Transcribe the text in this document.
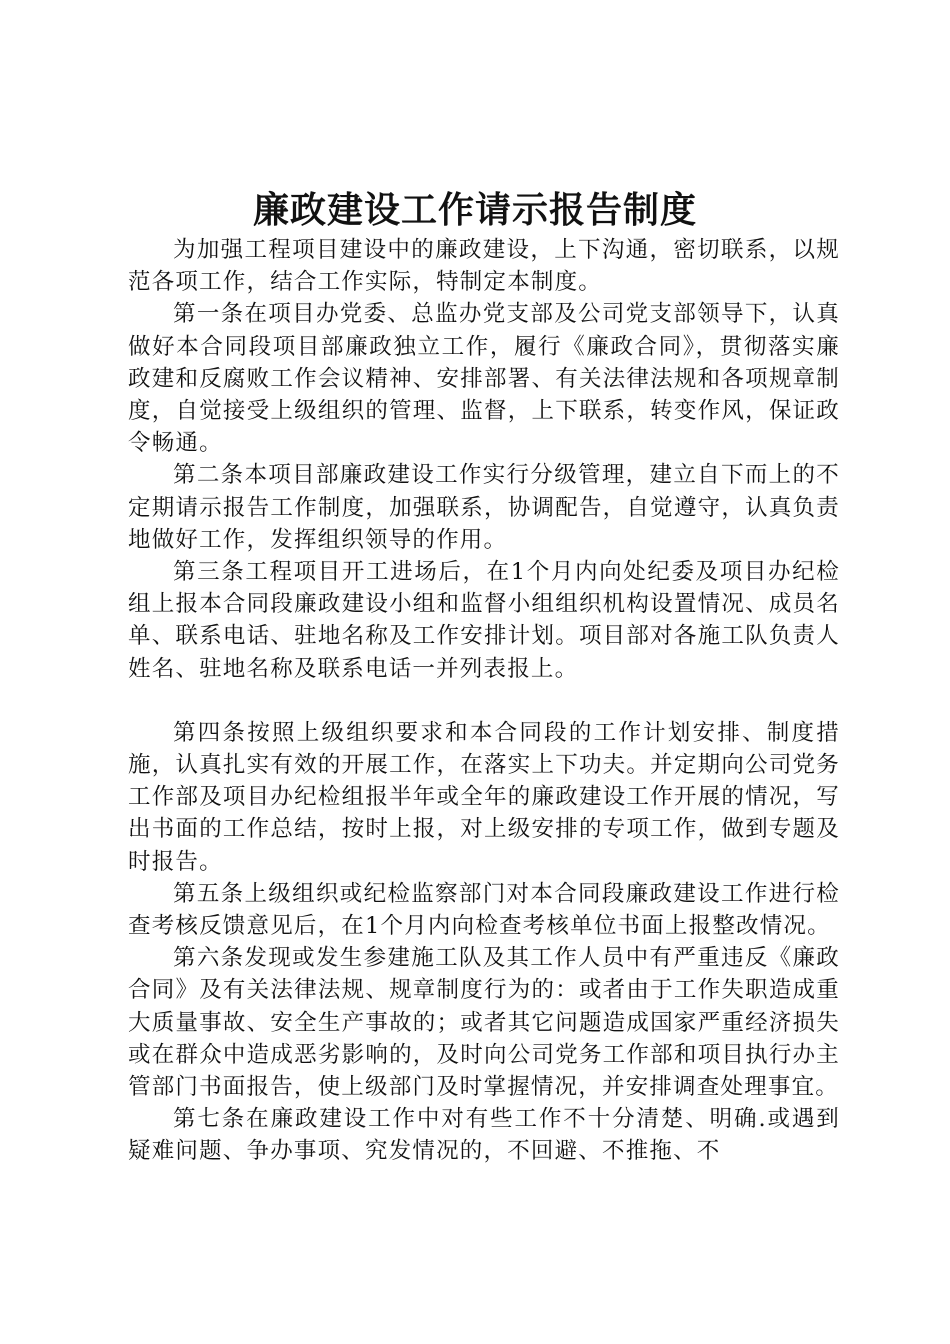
廉政建设工作请示报告制度

为加强工程项目建设中的廉政建设，上下沟通，密切联系，以规范各项工作，结合工作实际，特制定本制度。

第一条在项目办党委、总监办党支部及公司党支部领导下，认真做好本合同段项目部廉政独立工作，履行《廉政合同》，贯彻落实廉政建和反腐败工作会议精神、安排部署、有关法律法规和各项规章制度，自觉接受上级组织的管理、监督，上下联系，转变作风，保证政令畅通。

第二条本项目部廉政建设工作实行分级管理，建立自下而上的不定期请示报告工作制度，加强联系，协调配告，自觉遵守，认真负责地做好工作，发挥组织领导的作用。

第三条工程项目开工进场后，在1个月内向处纪委及项目办纪检组上报本合同段廉政建设小组和监督小组组织机构设置情况、成员名单、联系电话、驻地名称及工作安排计划。项目部对各施工队负责人姓名、驻地名称及联系电话一并列表报上。

第四条按照上级组织要求和本合同段的工作计划安排、制度措施，认真扎实有效的开展工作，在落实上下功夫。并定期向公司党务工作部及项目办纪检组报半年或全年的廉政建设工作开展的情况，写出书面的工作总结，按时上报，对上级安排的专项工作，做到专题及时报告。

第五条上级组织或纪检监察部门对本合同段廉政建设工作进行检查考核反馈意见后，在1个月内向检查考核单位书面上报整改情况。

第六条发现或发生参建施工队及其工作人员中有严重违反《廉政合同》及有关法律法规、规章制度行为的：或者由于工作失职造成重大质量事故、安全生产事故的；或者其它问题造成国家严重经济损失或在群众中造成恶劣影响的，及时向公司党务工作部和项目执行办主管部门书面报告，使上级部门及时掌握情况，并安排调查处理事宜。

第七条在廉政建设工作中对有些工作不十分清楚、明确.或遇到疑难问题、争办事项、究发情况的，不回避、不推拖、不
